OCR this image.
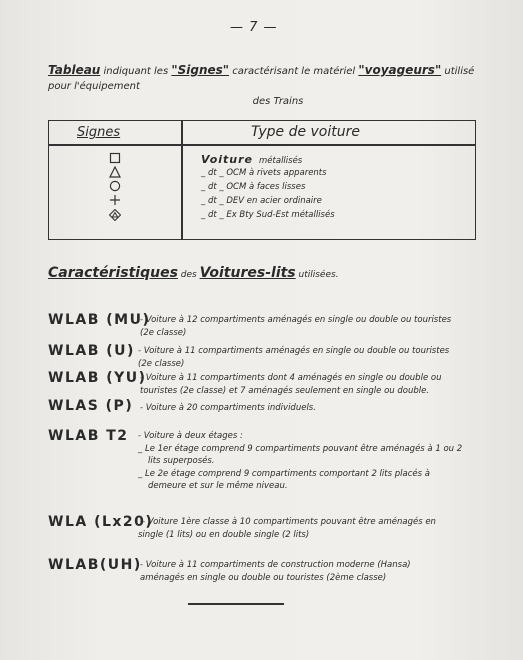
— 7 —
Tableau indiquant les "Signes" caractérisant le matériel "voyageurs" utilisé pour l'équipement
des Trains
Signes	Type de voiture
Voiture métallisés
_ dt _ OCM à rivets apparents
_ dt _ OCM à faces lisses
_ dt _ DEV en acier ordinaire
_ dt _ Ex Bty Sud-Est métallisés
Caractéristiques des Voitures-lits utilisées.
WLAB (MU)
- Voiture à 12 compartiments aménagés en single ou double ou touristes
(2e classe)
WLAB (U) - Voiture à 11 compartiments aménagés en single ou double ou touristes
(2e classe)
WLAB (YU)
- Voiture à 11 compartiments dont 4 aménagés en single ou double ou
touristes (2e classe) et 7 aménagés seulement en single ou double.
WLAS (P) - Voiture à 20 compartiments individuels.
WLAB T2 - Voiture à deux étages :
_ Le 1er étage comprend 9 compartiments pouvant être aménagés à 1 ou 2
lits superposés.
_ Le 2e étage comprend 9 compartiments comportant 2 lits placés à
demeure et sur le même niveau.
WLA (Lx20)
- Voiture 1ère classe à 10 compartiments pouvant être aménagés en
single (1 lits) ou en double single (2 lits)
WLAB(UH)
- Voiture à 11 compartiments de construction moderne (Hansa)
aménagés en single ou double ou touristes (2ème classe)
